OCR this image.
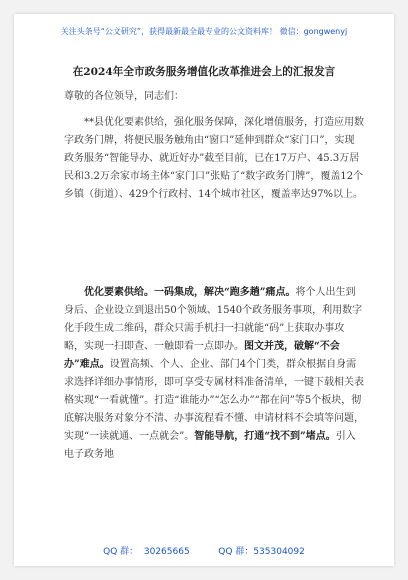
关注头条号“公文研究”，获得最新最全最专业的公文资料库！ 微信：gongwenyj
在2024年全市政务服务增值化改革推进会上的汇报发言

尊敬的各位领导，同志们：

**县优化要素供给，强化服务保障，深化增值服务，打造应用数字政务门牌，将便民服务触角由“窗口”延伸到群众“家门口”，实现政务服务“智能导办、就近好办”截至目前，已在17万户、45.3万居民和3.2万余家市场主体“家门口”张贴了“数字政务门牌”，覆盖12个乡镇（街道）、429个行政村、14个城市社区，覆盖率达97%以上。

优化要素供给。一码集成，解决“跑多趟”痛点。将个人出生到身后、企业设立到退出50个领域、1540个政务服务事项，利用数字化手段生成二维码，群众只需手机扫一扫就能“码”上获取办事攻略，实现一扫即查、一触即看一点即办。图文并茂，破解“不会办”难点。设置高频、个人、企业、部门4个门类，群众根据自身需求选择详细办事情形，即可享受专属材料准备清单，一键下载相关表格实现“一看就懂”。打造“谁能办”“怎么办”“都在问”等5个板块，彻底解决服务对象分不清、办事流程看不懂、申请材料不会填等问题，实现“一读就通、一点就会”。智能导航，打通“找不到”堵点。引入电子政务地

QQ 群：  30265665	QQ 群：535304092
